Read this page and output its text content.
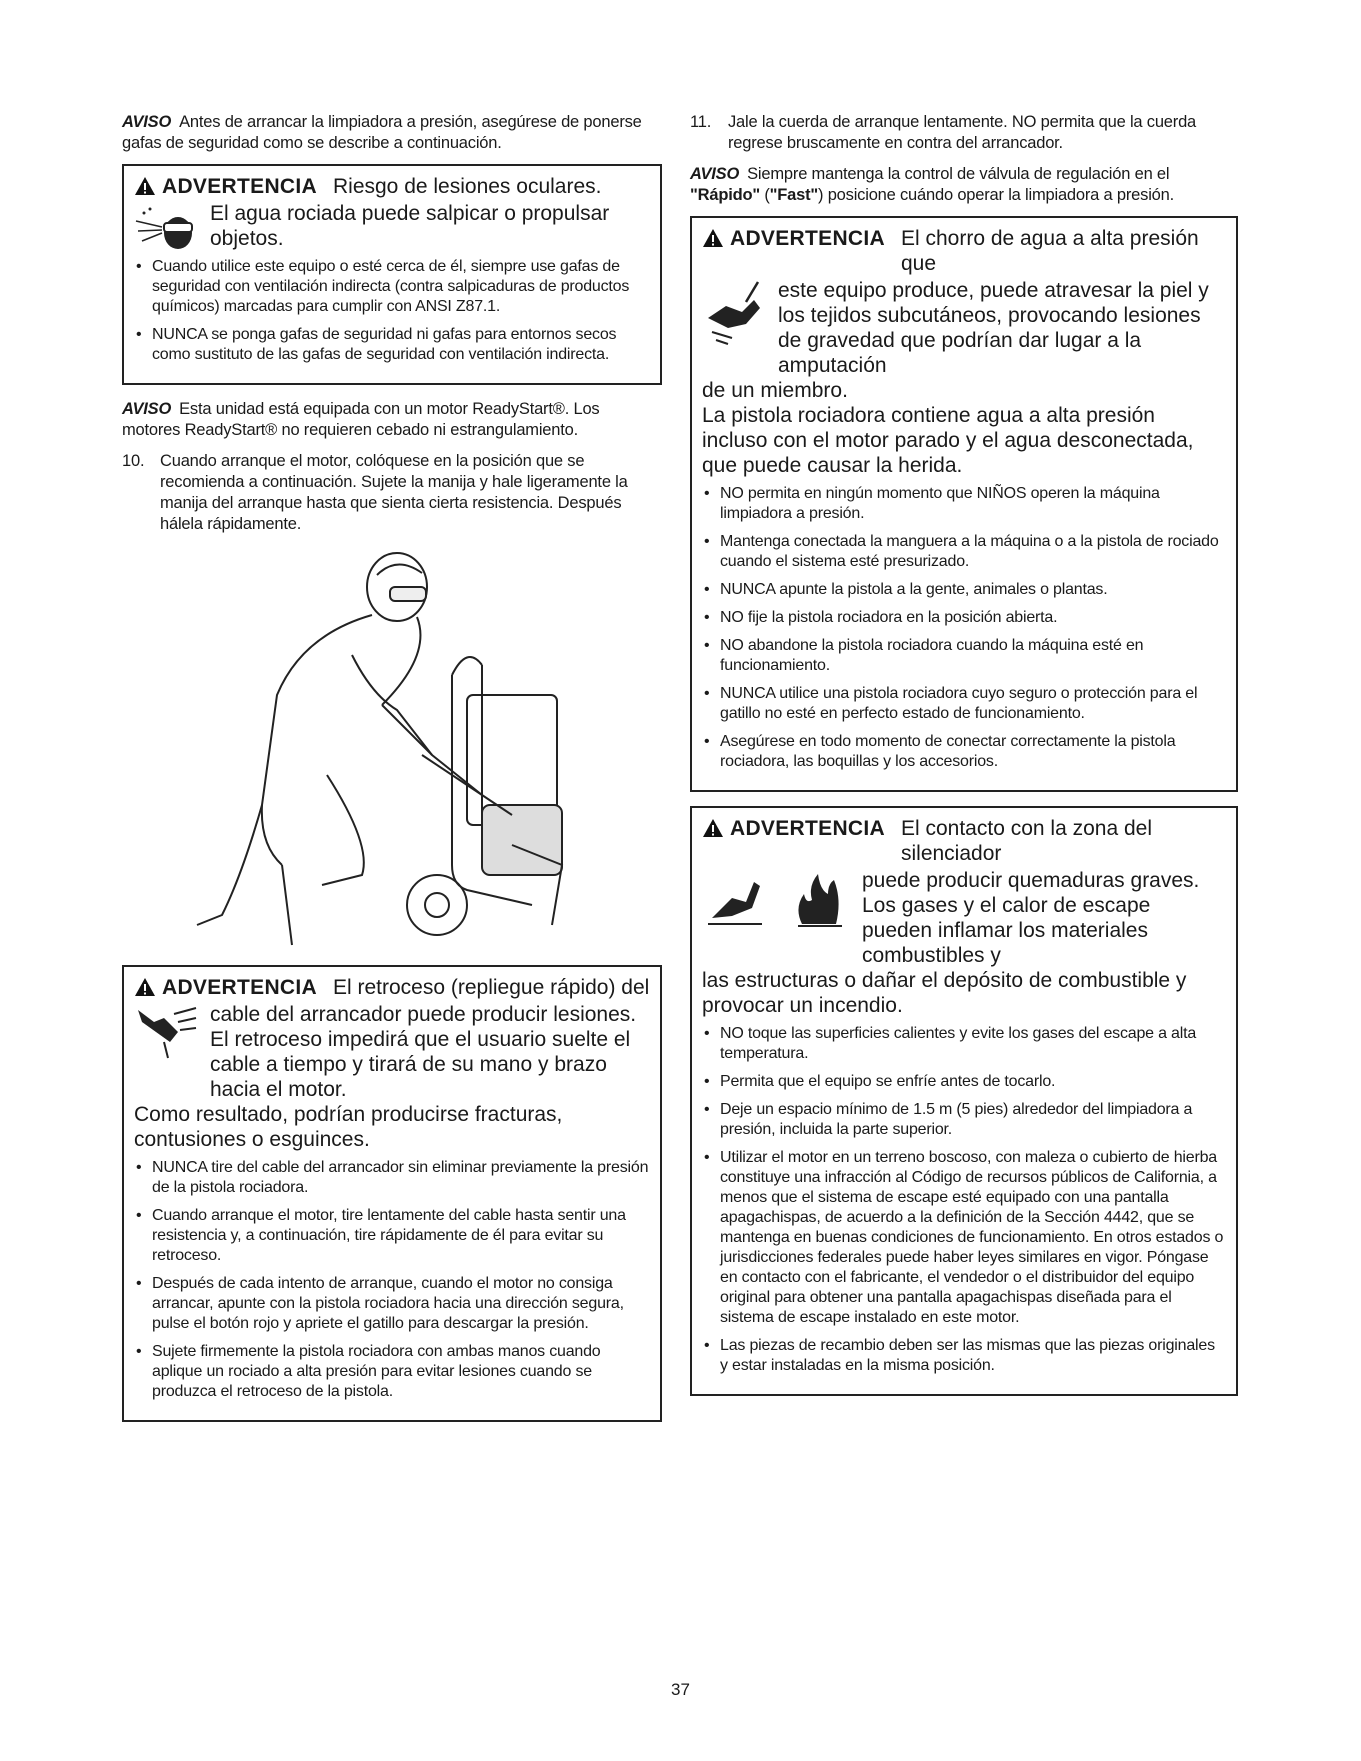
AVISO Antes de arrancar la limpiadora a presión, asegúrese de ponerse gafas de seguridad como se describe a continuación.

ADVERTENCIA Riesgo de lesiones oculares.
El agua rociada puede salpicar o propulsar objetos.
• Cuando utilice este equipo o esté cerca de él, siempre use gafas de seguridad con ventilación indirecta (contra salpicaduras de productos químicos) marcadas para cumplir con ANSI Z87.1.
• NUNCA se ponga gafas de seguridad ni gafas para entornos secos como sustituto de las gafas de seguridad con ventilación indirecta.

AVISO Esta unidad está equipada con un motor ReadyStart®. Los motores ReadyStart® no requieren cebado ni estrangulamiento.

10. Cuando arranque el motor, colóquese en la posición que se recomienda a continuación. Sujete la manija y hale ligeramente la manija del arranque hasta que sienta cierta resistencia. Después hálela rápidamente.
ADVERTENCIA El retroceso (repliegue rápido) del
cable del arrancador puede producir lesiones. El retroceso impedirá que el usuario suelte el cable a tiempo y tirará de su mano y brazo hacia el motor.
Como resultado, podrían producirse fracturas, contusiones o esguinces.
• NUNCA tire del cable del arrancador sin eliminar previamente la presión de la pistola rociadora.
• Cuando arranque el motor, tire lentamente del cable hasta sentir una resistencia y, a continuación, tire rápidamente de él para evitar su retroceso.
• Después de cada intento de arranque, cuando el motor no consiga arrancar, apunte con la pistola rociadora hacia una dirección segura, pulse el botón rojo y apriete el gatillo para descargar la presión.
• Sujete firmemente la pistola rociadora con ambas manos cuando aplique un rociado a alta presión para evitar lesiones cuando se produzca el retroceso de la pistola.
11.	Jale la cuerda de arranque lentamente. NO permita que la cuerda regrese bruscamente en contra del arrancador.

AVISO Siempre mantenga la control de válvula de regulación en el "Rápido" ("Fast") posicione cuándo operar la limpiadora a presión.

ADVERTENCIA El chorro de agua a alta presión que
este equipo produce, puede atravesar la piel y los tejidos subcutáneos, provocando lesiones de gravedad que podrían dar lugar a la amputación
de un miembro.
La pistola rociadora contiene agua a alta presión incluso con el motor parado y el agua desconectada, que puede causar la herida.
• NO permita en ningún momento que NIÑOS operen la máquina limpiadora a presión.
• Mantenga conectada la manguera a la máquina o a la pistola de rociado cuando el sistema esté presurizado.
• NUNCA apunte la pistola a la gente, animales o plantas.
• NO fije la pistola rociadora en la posición abierta.
• NO abandone la pistola rociadora cuando la máquina esté en funcionamiento.
• NUNCA utilice una pistola rociadora cuyo seguro o protección para el gatillo no esté en perfecto estado de funcionamiento.
• Asegúrese en todo momento de conectar correctamente la pistola rociadora, las boquillas y los accesorios.
ADVERTENCIA El contacto con la zona del silenciador
puede producir quemaduras graves. Los gases y el calor de escape pueden inflamar los materiales combustibles y
las estructuras o dañar el depósito de combustible y provocar un incendio.
• NO toque las superficies calientes y evite los gases del escape a alta temperatura.
• Permita que el equipo se enfríe antes de tocarlo.
• Deje un espacio mínimo de 1.5 m (5 pies) alrededor del limpiadora a presión, incluida la parte superior.
• Utilizar el motor en un terreno boscoso, con maleza o cubierto de hierba constituye una infracción al Código de recursos públicos de California, a menos que el sistema de escape esté equipado con una pantalla apagachispas, de acuerdo a la definición de la Sección 4442, que se mantenga en buenas condiciones de funcionamiento. En otros estados o jurisdicciones federales puede haber leyes similares en vigor. Póngase en contacto con el fabricante, el vendedor o el distribuidor del equipo original para obtener una pantalla apagachispas diseñada para el sistema de escape instalado en este motor.
• Las piezas de recambio deben ser las mismas que las piezas originales y estar instaladas en la misma posición.
37
